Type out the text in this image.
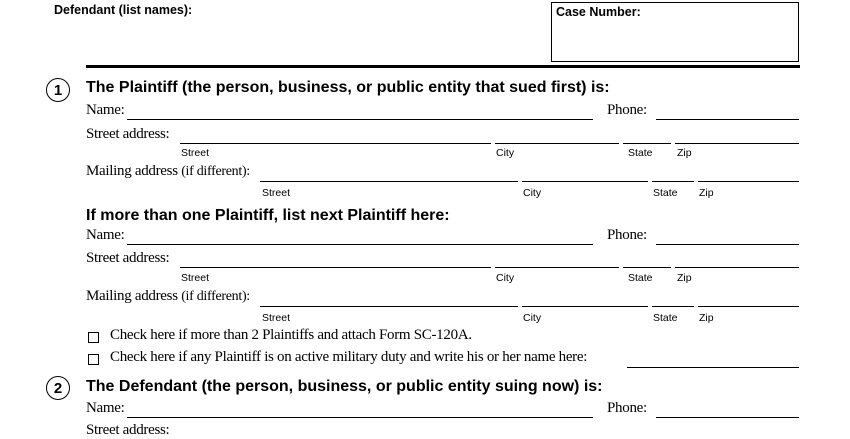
Defendant (list names):	Case Number:
1	The Plaintiff (the person, business, or public entity that sued first) is:
Name:	Phone:
Street address:
Street	City	State Zip
Mailing address (if different):
Street	City	State Zip
If more than one Plaintiff, list next Plaintiff here:
Name:	Phone:
Street address:
Street	City	State Zip
Mailing address (if different):
Street	City	State Zip
Check here if more than 2 Plaintiffs and attach Form SC-120A.
Check here if any Plaintiff is on active military duty and write his or her name here:
2	The Defendant (the person, business, or public entity suing now) is:
Name:	Phone:
Street address:
